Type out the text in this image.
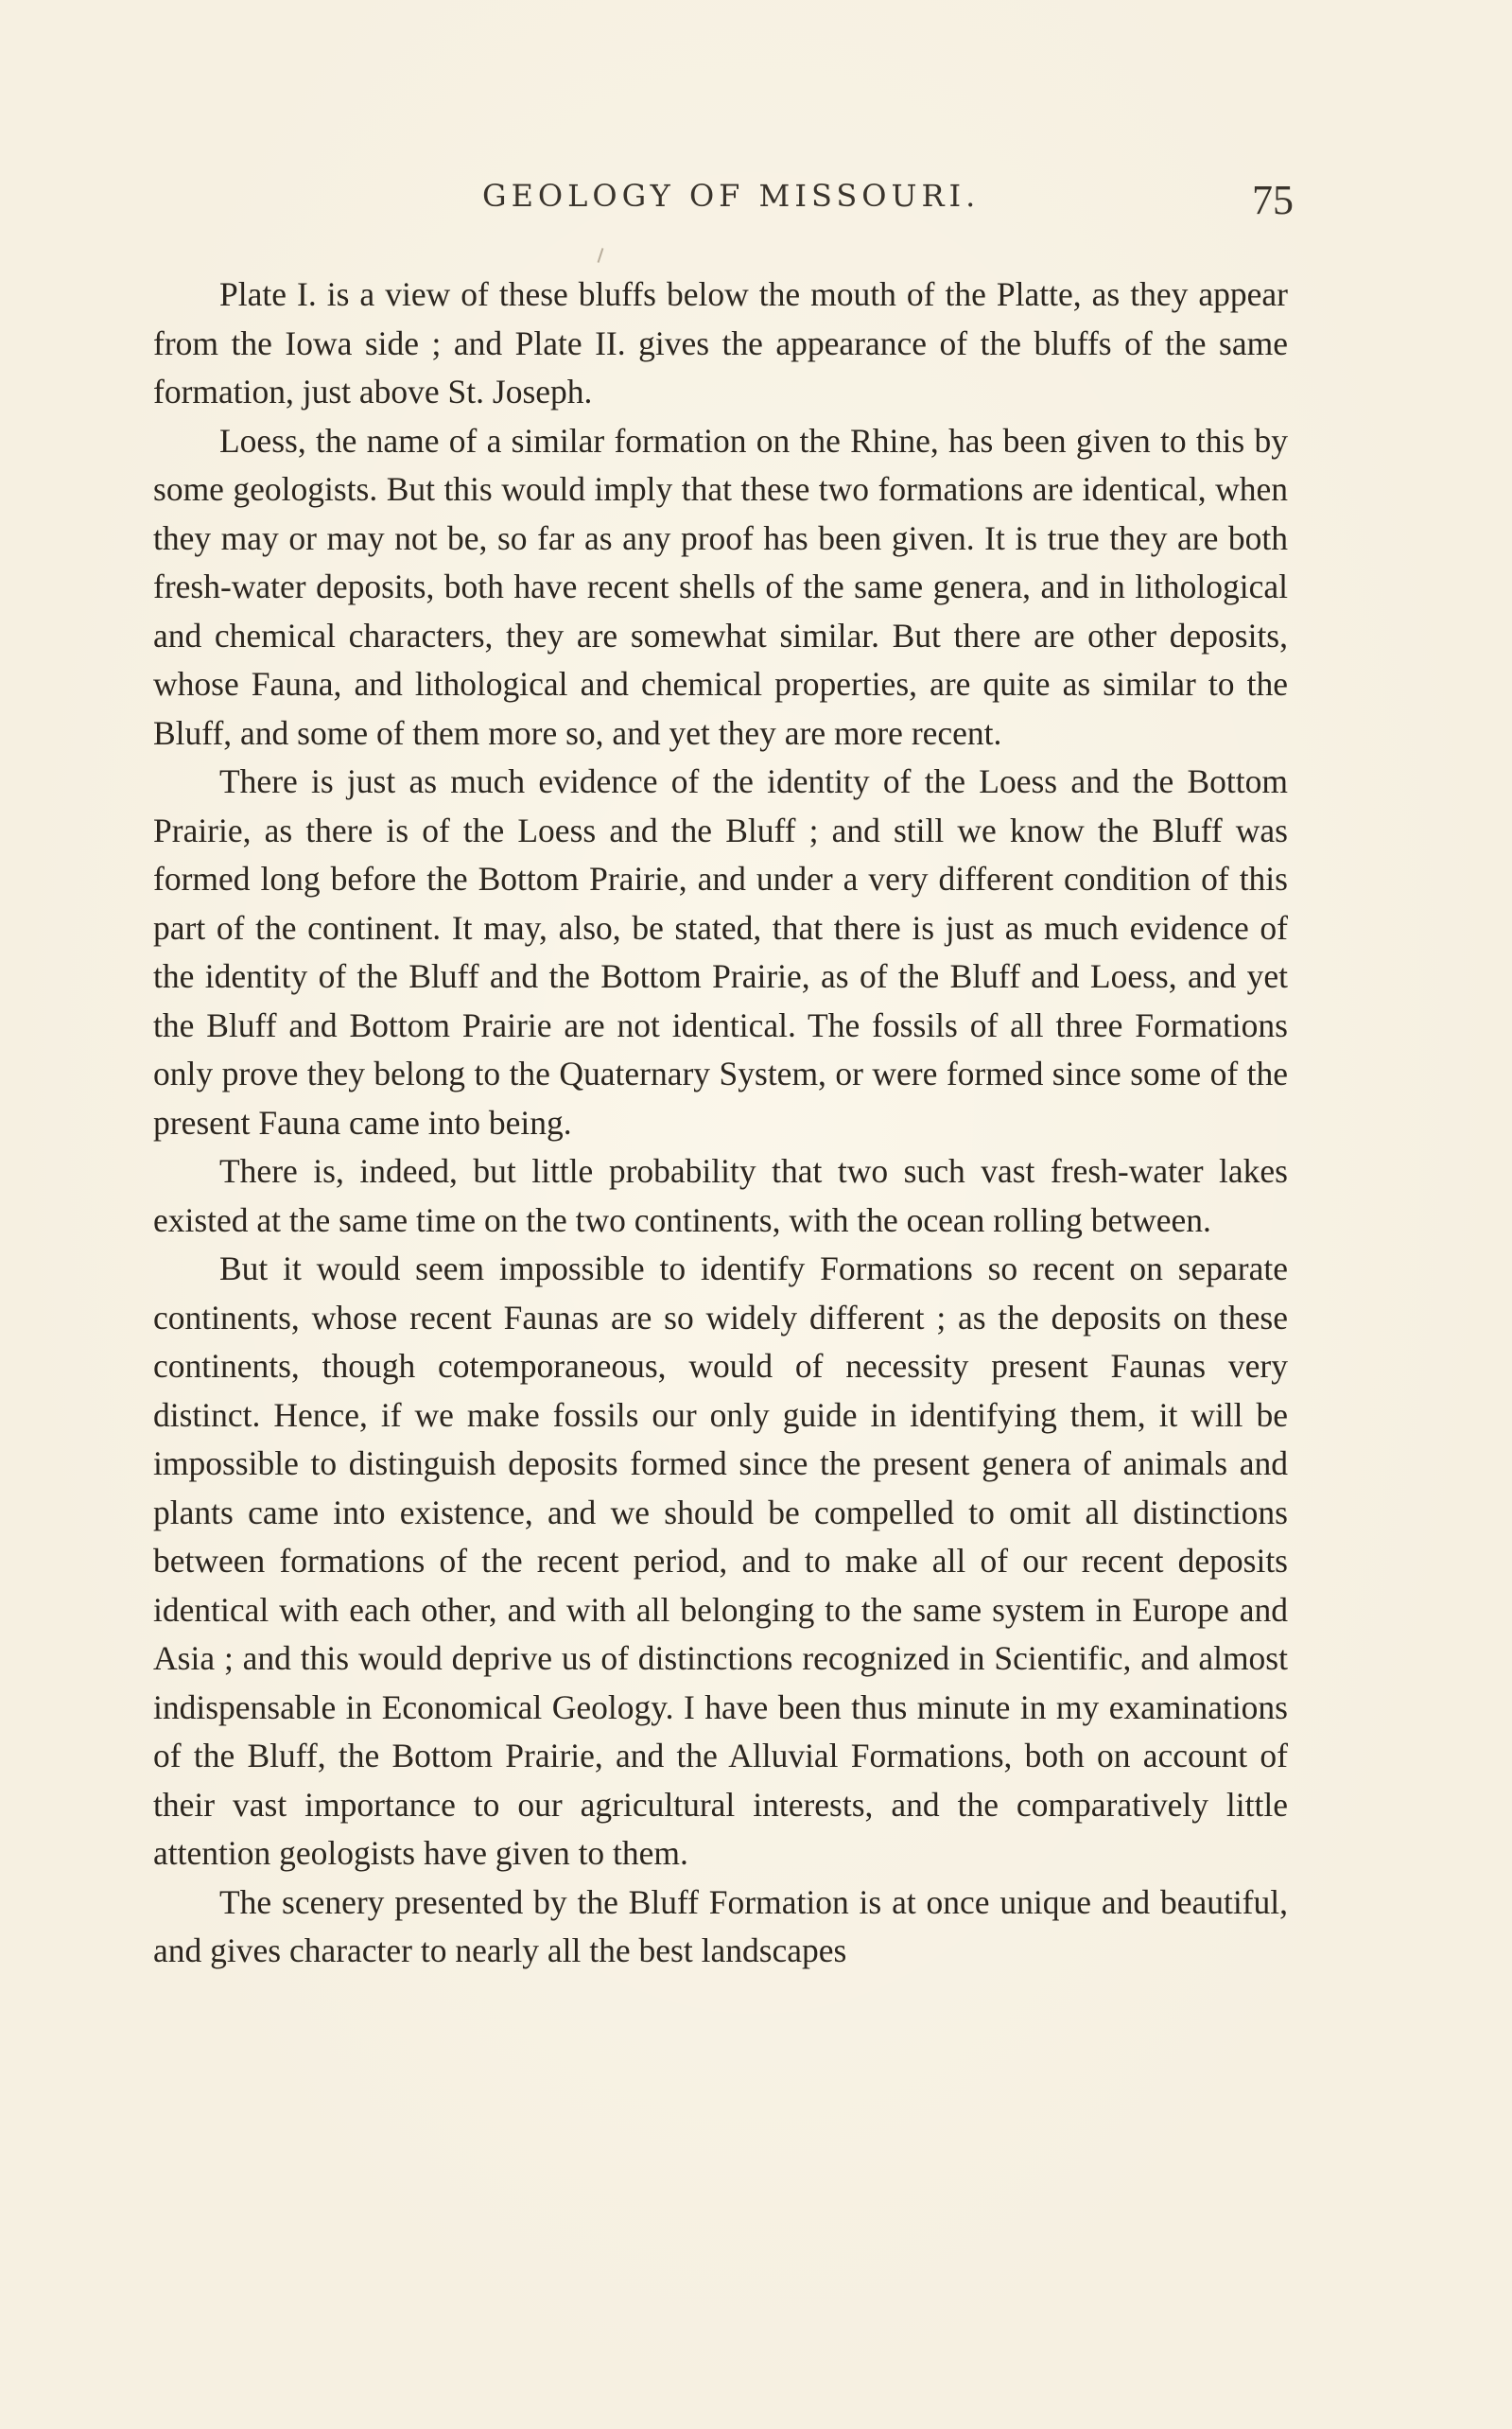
GEOLOGY OF MISSOURI.	75

Plate I. is a view of these bluffs below the mouth of the Platte, as they appear from the Iowa side ; and Plate II. gives the appearance of the bluffs of the same formation, just above St. Joseph.

Loess, the name of a similar formation on the Rhine, has been given to this by some geologists. But this would imply that these two formations are identical, when they may or may not be, so far as any proof has been given. It is true they are both fresh-water deposits, both have recent shells of the same genera, and in lithological and chemical characters, they are somewhat similar. But there are other deposits, whose Fauna, and lithological and chemical properties, are quite as similar to the Bluff, and some of them more so, and yet they are more recent.

There is just as much evidence of the identity of the Loess and the Bottom Prairie, as there is of the Loess and the Bluff ; and still we know the Bluff was formed long before the Bottom Prairie, and under a very different condition of this part of the continent. It may, also, be stated, that there is just as much evidence of the identity of the Bluff and the Bottom Prairie, as of the Bluff and Loess, and yet the Bluff and Bottom Prairie are not identical. The fossils of all three Formations only prove they belong to the Quaternary System, or were formed since some of the present Fauna came into being.

There is, indeed, but little probability that two such vast fresh-water lakes existed at the same time on the two continents, with the ocean rolling between.

But it would seem impossible to identify Formations so recent on separate continents, whose recent Faunas are so widely different ; as the deposits on these continents, though cotemporaneous, would of necessity present Faunas very distinct. Hence, if we make fossils our only guide in identifying them, it will be impossible to distinguish deposits formed since the present genera of animals and plants came into existence, and we should be compelled to omit all distinctions between formations of the recent period, and to make all of our recent deposits identical with each other, and with all belonging to the same system in Europe and Asia ; and this would deprive us of distinctions recognized in Scientific, and almost indispensable in Economical Geology. I have been thus minute in my examinations of the Bluff, the Bottom Prairie, and the Alluvial Formations, both on account of their vast importance to our agricultural interests, and the comparatively little attention geologists have given to them.

The scenery presented by the Bluff Formation is at once unique and beautiful, and gives character to nearly all the best landscapes
